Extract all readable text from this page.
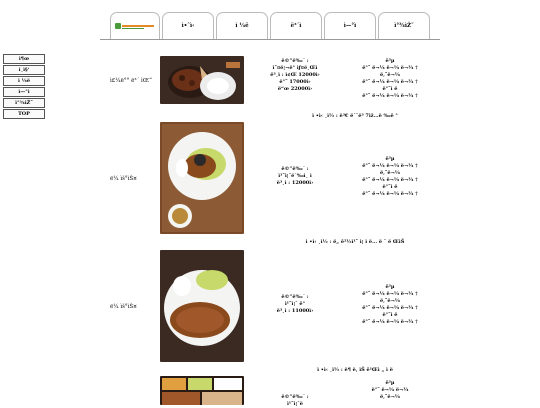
ì¶œ
í¸ì§‘
ì ¼ë
ì—°ì
ì°¾ìŽ˜
TOP
ì•ˆì‹	ì ¼ë	ë³´ì	ì—°ì	ì°¾ìŽ˜
ì£¼ë°° ë³´ ìŒ“
ë©”ë‰´ :
ì˜¤ë¦¬ë° ìƒ¤ë¸Œì
ë³¸ì : ì¢Œ 12000ì›
ë°˜ 17000ì›
ë“œ 22000ì›
ê³µ
ë°˜ ë¬¼ ë¬¼ ë¬¼ †
ë‚˜ë¬¼
ë°˜ ë¬¼ ë¬¼ ë¬¼ †
ë°˜ì ë
ë°˜ ë¬¼ ë¬¼ ë¬¼ †
ì •ì‹ ¸ì½ : ë³€ ë´ˆë³ 7ìž…ë ‰ê °
ë¼ ìš°ìŠ¤
ë©”ë‰´ :
ì¹˜ì¦ˆë´‰ì¸ ì
ë³¸ì : 12000ì›
ê³µ
ë°˜ ë¬¼ ë¬¼ ë¬¼ †
ë‚˜ë¬¼
ë°˜ ë¬¼ ë¬¼ ë¬¼ †
ë°˜ì ë
ë°˜ ë¬¼ ë¬¼ ë¬¼ †
ì •ì‹ ¸ì½ : ë„ ê²½ì¹˜ ì¦ ì ë… ë ˆ ë ŒìŠ
ë¼ ìš°ìŠ¤
ë©”ë‰´ :
ì¹˜ì¦ˆ ê°
ë³¸ì : 11000ì›
ê³µ
ë°˜ ë¬¼ ë¬¼ ë¬¼ †
ë‚˜ë¬¼
ë°˜ ë¬¼ ë¬¼ ë¬¼ †
ë°˜ì ë
ë°˜ ë¬¼ ë¬¼ ë¬¼ †
ì •ì‹ ¸ì½ : ë¶ ë‚ ìŠ ê¹Œì „ ì ë
ë©”ë‰´ :
ì¹˜ì¦ˆë
ê³µ
ë°˜ ë¬¼ ë¬¼
ë‚˜ë¬¼
